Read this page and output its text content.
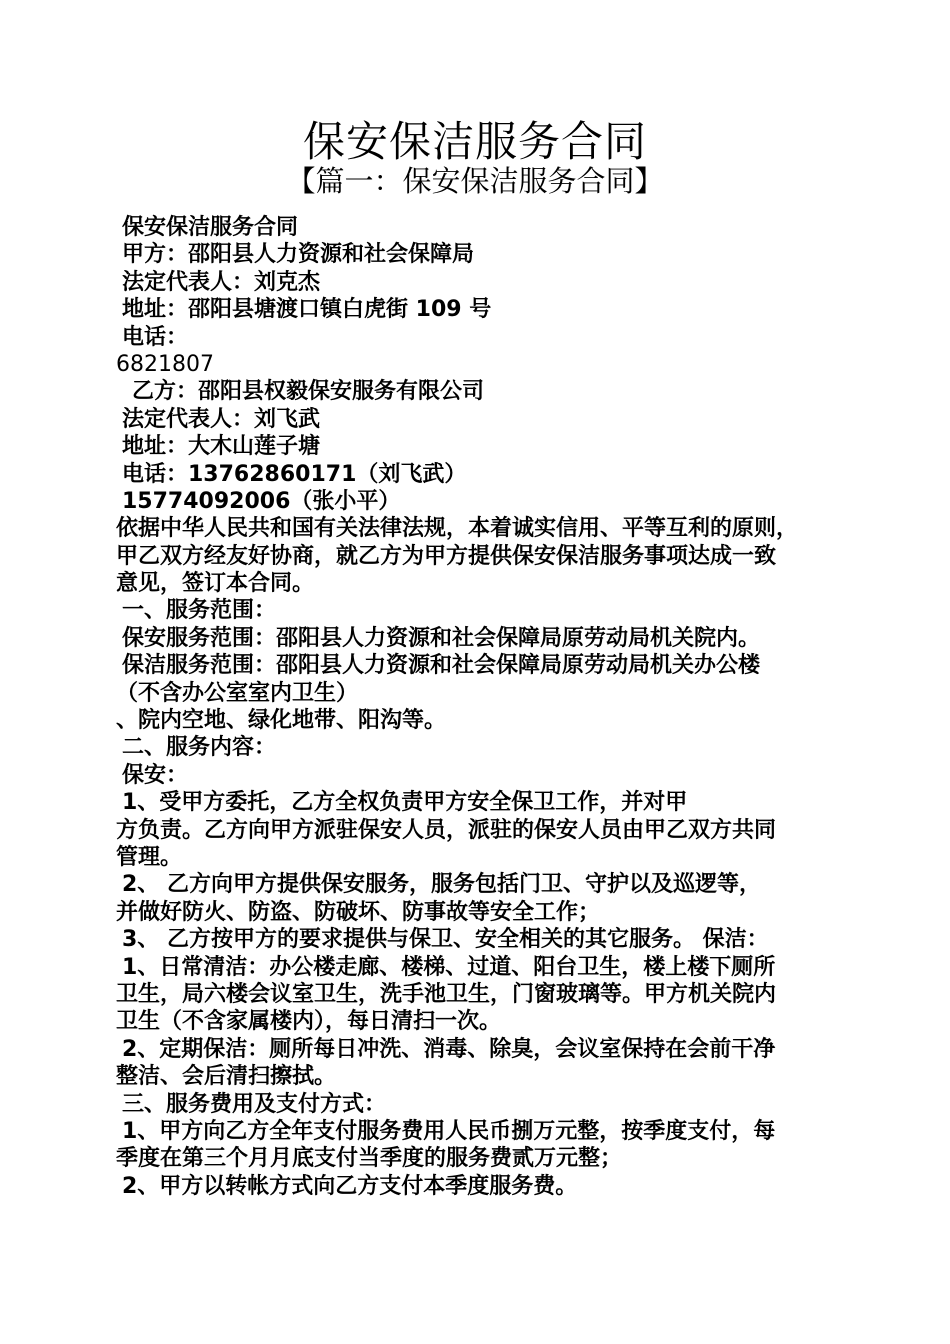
保安保洁服务合同
【篇一：保安保洁服务合同】
保安保洁服务合同
甲方：邵阳县人力资源和社会保障局
法定代表人：刘克杰
地址：邵阳县塘渡口镇白虎街 109 号
电话：
6821807
乙方：邵阳县权毅保安服务有限公司
法定代表人：刘飞武
地址：大木山莲子塘
电话：13762860171（刘飞武）
15774092006（张小平）
依据中华人民共和国有关法律法规，本着诚实信用、平等互利的原则，
甲乙双方经友好协商，就乙方为甲方提供保安保洁服务事项达成一致
意见，签订本合同。
一、服务范围：
保安服务范围：邵阳县人力资源和社会保障局原劳动局机关院内。
保洁服务范围：邵阳县人力资源和社会保障局原劳动局机关办公楼
（不含办公室室内卫生）
、院内空地、绿化地带、阳沟等。
二、服务内容：
保安：
1、受甲方委托，乙方全权负责甲方安全保卫工作，并对甲
方负责。乙方向甲方派驻保安人员，派驻的保安人员由甲乙双方共同
管理。
2、 乙方向甲方提供保安服务，服务包括门卫、守护以及巡逻等，
并做好防火、防盗、防破坏、防事故等安全工作；
3、 乙方按甲方的要求提供与保卫、安全相关的其它服务。 保洁：
1、日常清洁：办公楼走廊、楼梯、过道、阳台卫生，楼上楼下厕所
卫生，局六楼会议室卫生，洗手池卫生，门窗玻璃等。甲方机关院内
卫生（不含家属楼内），每日清扫一次。
2、定期保洁：厕所每日冲洗、消毒、除臭，会议室保持在会前干净
整洁、会后清扫擦拭。
三、服务费用及支付方式：
1、甲方向乙方全年支付服务费用人民币捌万元整，按季度支付，每
季度在第三个月月底支付当季度的服务费贰万元整；
2、甲方以转帐方式向乙方支付本季度服务费。
